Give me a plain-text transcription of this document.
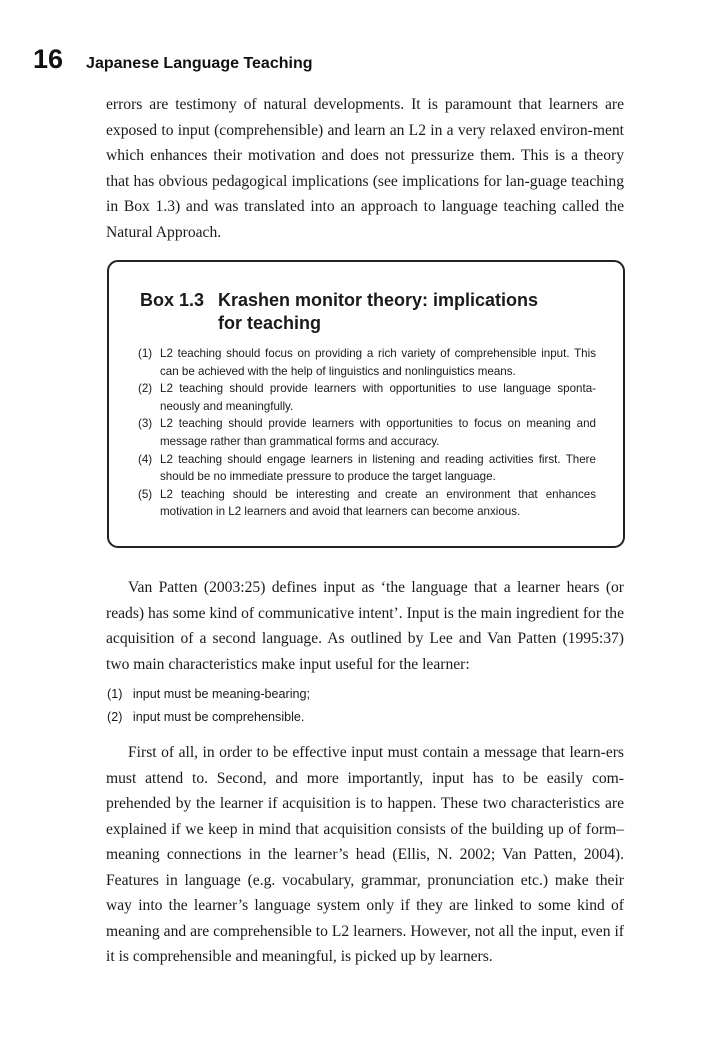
16 Japanese Language Teaching

errors are testimony of natural developments. It is paramount that learners are exposed to input (comprehensible) and learn an L2 in a very relaxed environ-ment which enhances their motivation and does not pressurize them. This is a theory that has obvious pedagogical implications (see implications for lan-guage teaching in Box 1.3) and was translated into an approach to language teaching called the Natural Approach.

Box 1.3 Krashen monitor theory: implications for teaching
(1) L2 teaching should focus on providing a rich variety of comprehensible input. This can be achieved with the help of linguistics and nonlinguistics means.
(2) L2 teaching should provide learners with opportunities to use language sponta-neously and meaningfully.
(3) L2 teaching should provide learners with opportunities to focus on meaning and message rather than grammatical forms and accuracy.
(4) L2 teaching should engage learners in listening and reading activities first. There should be no immediate pressure to produce the target language.
(5) L2 teaching should be interesting and create an environment that enhances motivation in L2 learners and avoid that learners can become anxious.

Van Patten (2003:25) defines input as ‘the language that a learner hears (or reads) has some kind of communicative intent’. Input is the main ingredient for the acquisition of a second language. As outlined by Lee and Van Patten (1995:37) two main characteristics make input useful for the learner:

(1) input must be meaning-bearing;
(2) input must be comprehensible.

First of all, in order to be effective input must contain a message that learn-ers must attend to. Second, and more importantly, input has to be easily com-prehended by the learner if acquisition is to happen. These two characteristics are explained if we keep in mind that acquisition consists of the building up of form–meaning connections in the learner’s head (Ellis, N. 2002; Van Patten, 2004). Features in language (e.g. vocabulary, grammar, pronunciation etc.) make their way into the learner’s language system only if they are linked to some kind of meaning and are comprehensible to L2 learners. However, not all the input, even if it is comprehensible and meaningful, is picked up by learners.
